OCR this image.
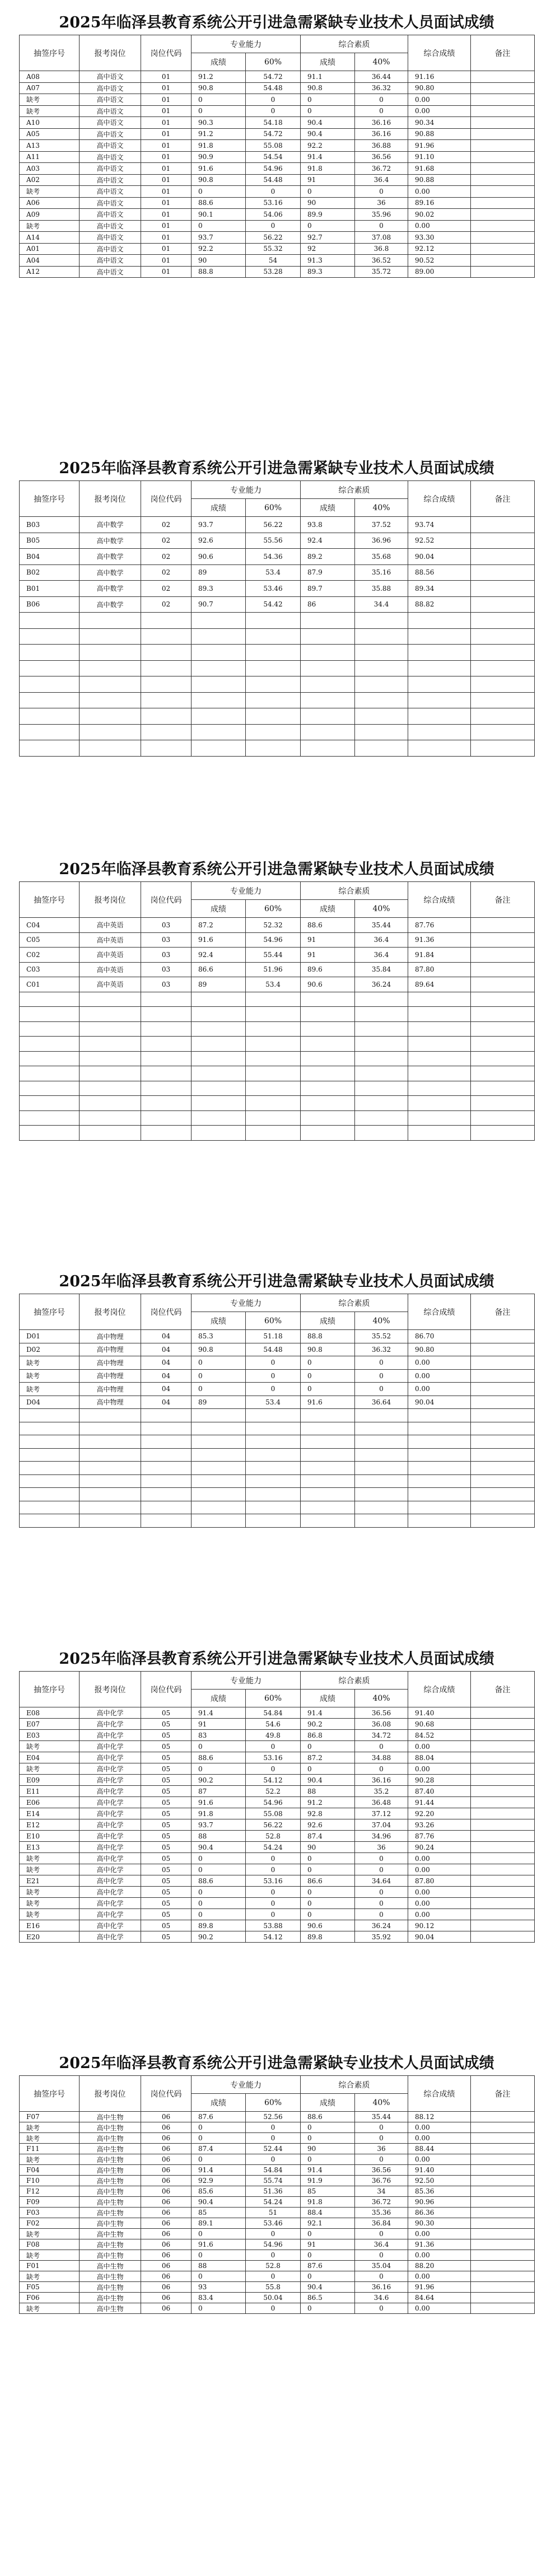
2025年临泽县教育系统公开引进急需紧缺专业技术人员面试成绩
抽签序号	报考岗位	岗位代码	专业能力		综合素质		综合成绩	备注
			成绩	60%	成绩	40%		
A08	高中语文	01	91.2	54.72	91.1	36.44	91.16	
A07	高中语文	01	90.8	54.48	90.8	36.32	90.80	
缺考	高中语文	01	0	0	0	0	0.00	
缺考	高中语文	01	0	0	0	0	0.00	
A10	高中语文	01	90.3	54.18	90.4	36.16	90.34	
A05	高中语文	01	91.2	54.72	90.4	36.16	90.88	
A13	高中语文	01	91.8	55.08	92.2	36.88	91.96	
A11	高中语文	01	90.9	54.54	91.4	36.56	91.10	
A03	高中语文	01	91.6	54.96	91.8	36.72	91.68	
A02	高中语文	01	90.8	54.48	91	36.4	90.88	
缺考	高中语文	01	0	0	0	0	0.00	
A06	高中语文	01	88.6	53.16	90	36	89.16	
A09	高中语文	01	90.1	54.06	89.9	35.96	90.02	
缺考	高中语文	01	0	0	0	0	0.00	
A14	高中语文	01	93.7	56.22	92.7	37.08	93.30	
A01	高中语文	01	92.2	55.32	92	36.8	92.12	
A04	高中语文	01	90	54	91.3	36.52	90.52	
A12	高中语文	01	88.8	53.28	89.3	35.72	89.00	
2025年临泽县教育系统公开引进急需紧缺专业技术人员面试成绩
抽签序号	报考岗位	岗位代码	专业能力		综合素质		综合成绩	备注
			成绩	60%	成绩	40%		
B03	高中数学	02	93.7	56.22	93.8	37.52	93.74	
B05	高中数学	02	92.6	55.56	92.4	36.96	92.52	
B04	高中数学	02	90.6	54.36	89.2	35.68	90.04	
B02	高中数学	02	89	53.4	87.9	35.16	88.56	
B01	高中数学	02	89.3	53.46	89.7	35.88	89.34	
B06	高中数学	02	90.7	54.42	86	34.4	88.82	

2025年临泽县教育系统公开引进急需紧缺专业技术人员面试成绩
抽签序号	报考岗位	岗位代码	专业能力		综合素质		综合成绩	备注
			成绩	60%	成绩	40%		
C04	高中英语	03	87.2	52.32	88.6	35.44	87.76	
C05	高中英语	03	91.6	54.96	91	36.4	91.36	
C02	高中英语	03	92.4	55.44	91	36.4	91.84	
C03	高中英语	03	86.6	51.96	89.6	35.84	87.80	
C01	高中英语	03	89	53.4	90.6	36.24	89.64	

2025年临泽县教育系统公开引进急需紧缺专业技术人员面试成绩
抽签序号	报考岗位	岗位代码	专业能力		综合素质		综合成绩	备注
			成绩	60%	成绩	40%		
D01	高中物理	04	85.3	51.18	88.8	35.52	86.70	
D02	高中物理	04	90.8	54.48	90.8	36.32	90.80	
缺考	高中物理	04	0	0	0	0	0.00	
缺考	高中物理	04	0	0	0	0	0.00	
缺考	高中物理	04	0	0	0	0	0.00	
D04	高中物理	04	89	53.4	91.6	36.64	90.04	

2025年临泽县教育系统公开引进急需紧缺专业技术人员面试成绩
抽签序号	报考岗位	岗位代码	专业能力		综合素质		综合成绩	备注
			成绩	60%	成绩	40%		
E08	高中化学	05	91.4	54.84	91.4	36.56	91.40	
E07	高中化学	05	91	54.6	90.2	36.08	90.68	
E03	高中化学	05	83	49.8	86.8	34.72	84.52	
缺考	高中化学	05	0	0	0	0	0.00	
E04	高中化学	05	88.6	53.16	87.2	34.88	88.04	
缺考	高中化学	05	0	0	0	0	0.00	
E09	高中化学	05	90.2	54.12	90.4	36.16	90.28	
E11	高中化学	05	87	52.2	88	35.2	87.40	
E06	高中化学	05	91.6	54.96	91.2	36.48	91.44	
E14	高中化学	05	91.8	55.08	92.8	37.12	92.20	
E12	高中化学	05	93.7	56.22	92.6	37.04	93.26	
E10	高中化学	05	88	52.8	87.4	34.96	87.76	
E13	高中化学	05	90.4	54.24	90	36	90.24	
缺考	高中化学	05	0	0	0	0	0.00	
缺考	高中化学	05	0	0	0	0	0.00	
E21	高中化学	05	88.6	53.16	86.6	34.64	87.80	
缺考	高中化学	05	0	0	0	0	0.00	
缺考	高中化学	05	0	0	0	0	0.00	
缺考	高中化学	05	0	0	0	0	0.00	
E16	高中化学	05	89.8	53.88	90.6	36.24	90.12	
E20	高中化学	05	90.2	54.12	89.8	35.92	90.04	
2025年临泽县教育系统公开引进急需紧缺专业技术人员面试成绩
抽签序号	报考岗位	岗位代码	专业能力		综合素质		综合成绩	备注
			成绩	60%	成绩	40%		
F07	高中生物	06	87.6	52.56	88.6	35.44	88.12	
缺考	高中生物	06	0	0	0	0	0.00	
缺考	高中生物	06	0	0	0	0	0.00	
F11	高中生物	06	87.4	52.44	90	36	88.44	
缺考	高中生物	06	0	0	0	0	0.00	
F04	高中生物	06	91.4	54.84	91.4	36.56	91.40	
F10	高中生物	06	92.9	55.74	91.9	36.76	92.50	
F12	高中生物	06	85.6	51.36	85	34	85.36	
F09	高中生物	06	90.4	54.24	91.8	36.72	90.96	
F03	高中生物	06	85	51	88.4	35.36	86.36	
F02	高中生物	06	89.1	53.46	92.1	36.84	90.30	
缺考	高中生物	06	0	0	0	0	0.00	
F08	高中生物	06	91.6	54.96	91	36.4	91.36	
缺考	高中生物	06	0	0	0	0	0.00	
F01	高中生物	06	88	52.8	87.6	35.04	88.20	
缺考	高中生物	06	0	0	0	0	0.00	
F05	高中生物	06	93	55.8	90.4	36.16	91.96	
F06	高中生物	06	83.4	50.04	86.5	34.6	84.64	
缺考	高中生物	06	0	0	0	0	0.00	
